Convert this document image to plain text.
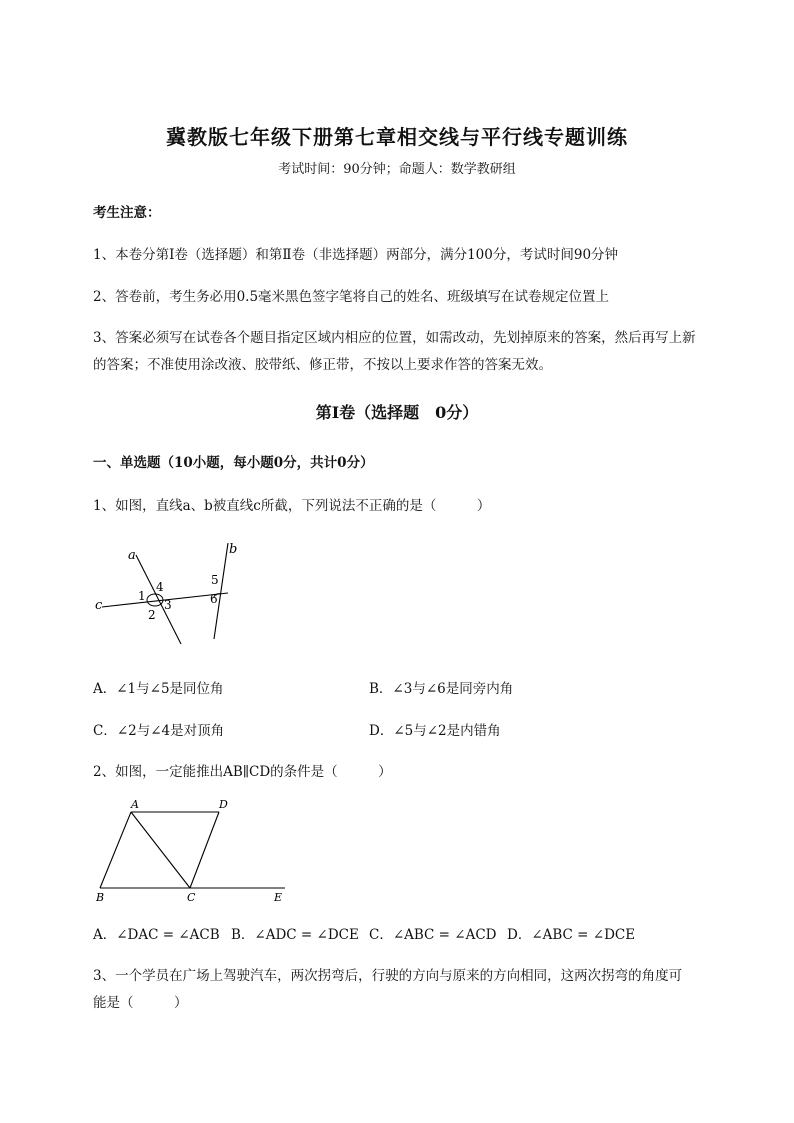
冀教版七年级下册第七章相交线与平行线专题训练
考试时间：90分钟；命题人：数学教研组
考生注意：
1、本卷分第Ⅰ卷（选择题）和第Ⅱ卷（非选择题）两部分，满分100分，考试时间90分钟
2、答卷前，考生务必用0.5毫米黑色签字笔将自己的姓名、班级填写在试卷规定位置上
3、答案必须写在试卷各个题目指定区域内相应的位置，如需改动，先划掉原来的答案，然后再写上新
的答案；不准使用涂改液、胶带纸、修正带，不按以上要求作答的答案无效。
第Ⅰ卷（选择题　0分）
一、单选题（10小题，每小题0分，共计0分）
1、如图，直线a、b被直线c所截，下列说法不正确的是（　　　）
a	b
c
1
2
3
4	5
6
A．∠1与∠5是同位角	B．∠3与∠6是同旁内角
C．∠2与∠4是对顶角	D．∠5与∠2是内错角
2、如图，一定能推出AB∥CD的条件是（　　　）
A	D
B	C	E
A．∠DAC = ∠ACB B．∠ADC = ∠DCE C．∠ABC = ∠ACD D．∠ABC = ∠DCE
3、一个学员在广场上驾驶汽车，两次拐弯后，行驶的方向与原来的方向相同，这两次拐弯的角度可
能是（　　　）
